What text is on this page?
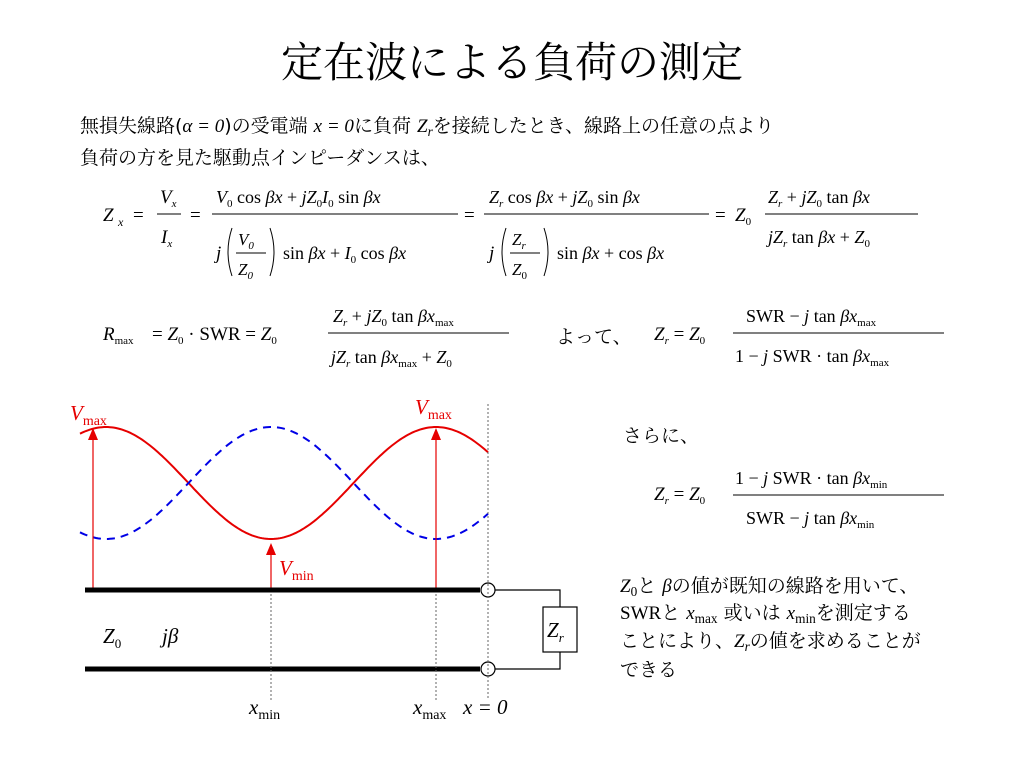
定在波による負荷の測定
無損失線路(α = 0)の受電端 x = 0に負荷 $Z_r$を接続したとき、線路上の任意の点より
負荷の方を見た駆動点インピーダンスは、
よって、
さらに、
$Z_0$と βの値が既知の線路を用いて、
SWRと $x_{max}$ 或いは $x_{min}$を測定する
ことにより、$Z_r$の値を求めることが
できる
Z x =
$V_x$
$I_x$
=
$V_0$ $\cos \beta x + jZ_0I_0$ sin βx
j
$V_0$
$Z_0$
$\sin \beta x + I_0$ cos βx
=
$Z_r$ $\cos \beta x + jZ_0$ sin βx
j
$Z_r$
$Z_0$
sin βx + cos βx
= $Z_0$
$Z_r + jZ_0$ tan βx
$jZ_r$ $\tan \beta x + Z_0$
$R_{max} = Z_0$ · SWR = $Z_0$
$Z_r + jZ_0$ $\tan \beta x_{max}$
$jZ_r$ $\tan \beta x_{max} + Z_0$
$Z_r = Z_0$
SWR − j $\tan \beta x_{max}$
1 − j SWR · $\tan \beta x_{max}$
$Z_r = Z_0$
1 − j SWR · $\tan \beta x_{min}$
SWR − j $\tan \beta x_{min}$
$V_{max}$
$V_{max}$
$V_{min}$
$Z_r$
$Z_0$ jβ
$x_{min}$	$x_{max}$ x = 0
